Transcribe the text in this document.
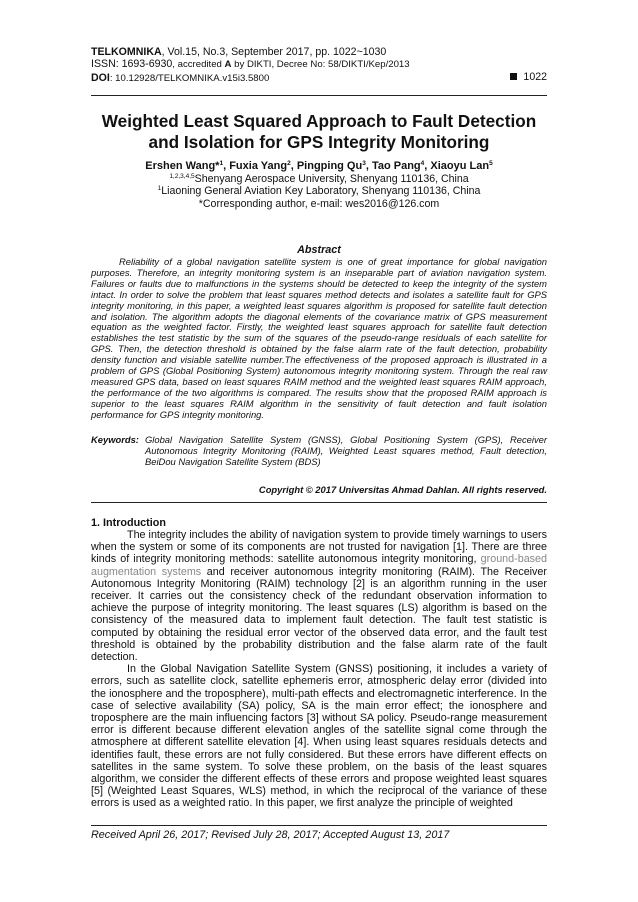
TELKOMNIKA, Vol.15, No.3, September 2017, pp. 1022~1030
ISSN: 1693-6930, accredited A by DIKTI, Decree No: 58/DIKTI/Kep/2013
DOI: 10.12928/TELKOMNIKA.v15i3.5800	1022
Weighted Least Squared Approach to Fault Detection and Isolation for GPS Integrity Monitoring
Ershen Wang*$^1$, Fuxia Yang$^2$, Pingping Qu$^3$, Tao Pang$^4$, Xiaoyu Lan$^5$
$^{1,2,3,4,5}$Shenyang Aerospace University, Shenyang 110136, China
$^1$Liaoning General Aviation Key Laboratory, Shenyang 110136, China
*Corresponding author, e-mail: wes2016@126.com
Abstract
Reliability of a global navigation satellite system is one of great importance for global navigation purposes. Therefore, an integrity monitoring system is an inseparable part of aviation navigation system. Failures or faults due to malfunctions in the systems should be detected to keep the integrity of the system intact. In order to solve the problem that least squares method detects and isolates a satellite fault for GPS integrity monitoring, in this paper, a weighted least squares algorithm is proposed for satellite fault detection and isolation. The algorithm adopts the diagonal elements of the covariance matrix of GPS measurement equation as the weighted factor. Firstly, the weighted least squares approach for satellite fault detection establishes the test statistic by the sum of the squares of the pseudo-range residuals of each satellite for GPS. Then, the detection threshold is obtained by the false alarm rate of the fault detection, probability density function and visiable satellite number.The effectiveness of the proposed approach is illustrated in a problem of GPS (Global Positioning System) autonomous integrity monitoring system. Through the real raw measured GPS data, based on least squares RAIM method and the weighted least squares RAIM approach, the performance of the two algorithms is compared. The results show that the proposed RAIM approach is superior to the least squares RAIM algorithm in the sensitivity of fault detection and fault isolation performance for GPS integrity monitoring.
Keywords: Global Navigation Satellite System (GNSS), Global Positioning System (GPS), Receiver Autonomous Integrity Monitoring (RAIM), Weighted Least squares method, Fault detection, BeiDou Navigation Satellite System (BDS)
Copyright © 2017 Universitas Ahmad Dahlan. All rights reserved.
1. Introduction

The integrity includes the ability of navigation system to provide timely warnings to users when the system or some of its components are not trusted for navigation [1]. There are three kinds of integrity monitoring methods: satellite autonomous integrity monitoring, ground-based augmentation systems and receiver autonomous integrity monitoring (RAIM). The Receiver Autonomous Integrity Monitoring (RAIM) technology [2] is an algorithm running in the user receiver. It carries out the consistency check of the redundant observation information to achieve the purpose of integrity monitoring. The least squares (LS) algorithm is based on the consistency of the measured data to implement fault detection. The fault test statistic is computed by obtaining the residual error vector of the observed data error, and the fault test threshold is obtained by the probability distribution and the false alarm rate of the fault detection.

In the Global Navigation Satellite System (GNSS) positioning, it includes a variety of errors, such as satellite clock, satellite ephemeris error, atmospheric delay error (divided into the ionosphere and the troposphere), multi-path effects and electromagnetic interference. In the case of selective availability (SA) policy, SA is the main error effect; the ionosphere and troposphere are the main influencing factors [3] without SA policy. Pseudo-range measurement error is different because different elevation angles of the satellite signal come through the atmosphere at different satellite elevation [4]. When using least squares residuals detects and identifies fault, these errors are not fully considered. But these errors have different effects on satellites in the same system. To solve these problem, on the basis of the least squares algorithm, we consider the different effects of these errors and propose weighted least squares [5] (Weighted Least Squares, WLS) method, in which the reciprocal of the variance of these errors is used as a weighted ratio. In this paper, we first analyze the principle of weighted

Received April 26, 2017; Revised July 28, 2017; Accepted August 13, 2017
